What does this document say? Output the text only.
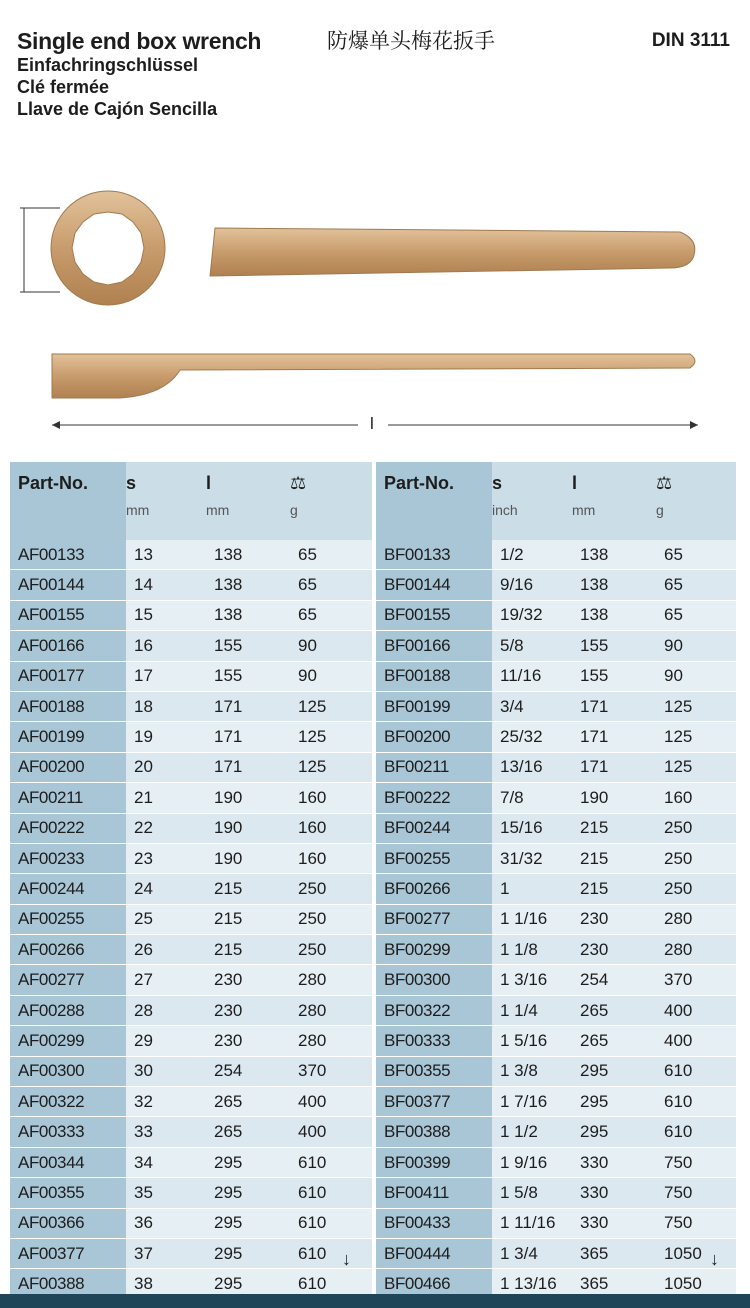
Single end box wrench	防爆单头梅花扳手	DIN 3111
Einfachringschlüssel
Clé fermée
Llave de Cajón Sencilla
l
Part-No.	s	l	⚖
	mm	mm	g
AF00133	13	138	65
AF00144	14	138	65
AF00155	15	138	65
AF00166	16	155	90
AF00177	17	155	90
AF00188	18	171	125
AF00199	19	171	125
AF00200	20	171	125
AF00211	21	190	160
AF00222	22	190	160
AF00233	23	190	160
AF00244	24	215	250
AF00255	25	215	250
AF00266	26	215	250
AF00277	27	230	280
AF00288	28	230	280
AF00299	29	230	280
AF00300	30	254	370
AF00322	32	265	400
AF00333	33	265	400
AF00344	34	295	610
AF00355	35	295	610
AF00366	36	295	610
AF00377	37	295	610
AF00388	38	295	610
↓
Part-No.	s	l	⚖
	inch	mm	g
BF00133	1/2	138	65
BF00144	9/16	138	65
BF00155	19/32	138	65
BF00166	5/8	155	90
BF00188	11/16	155	90
BF00199	3/4	171	125
BF00200	25/32	171	125
BF00211	13/16	171	125
BF00222	7/8	190	160
BF00244	15/16	215	250
BF00255	31/32	215	250
BF00266	1	215	250
BF00277	1 1/16	230	280
BF00299	1 1/8	230	280
BF00300	1 3/16	254	370
BF00322	1 1/4	265	400
BF00333	1 5/16	265	400
BF00355	1 3/8	295	610
BF00377	1 7/16	295	610
BF00388	1 1/2	295	610
BF00399	1 9/16	330	750
BF00411	1 5/8	330	750
BF00433	1 11/16	330	750
BF00444	1 3/4	365	1050
BF00466	1 13/16	365	1050
↓
